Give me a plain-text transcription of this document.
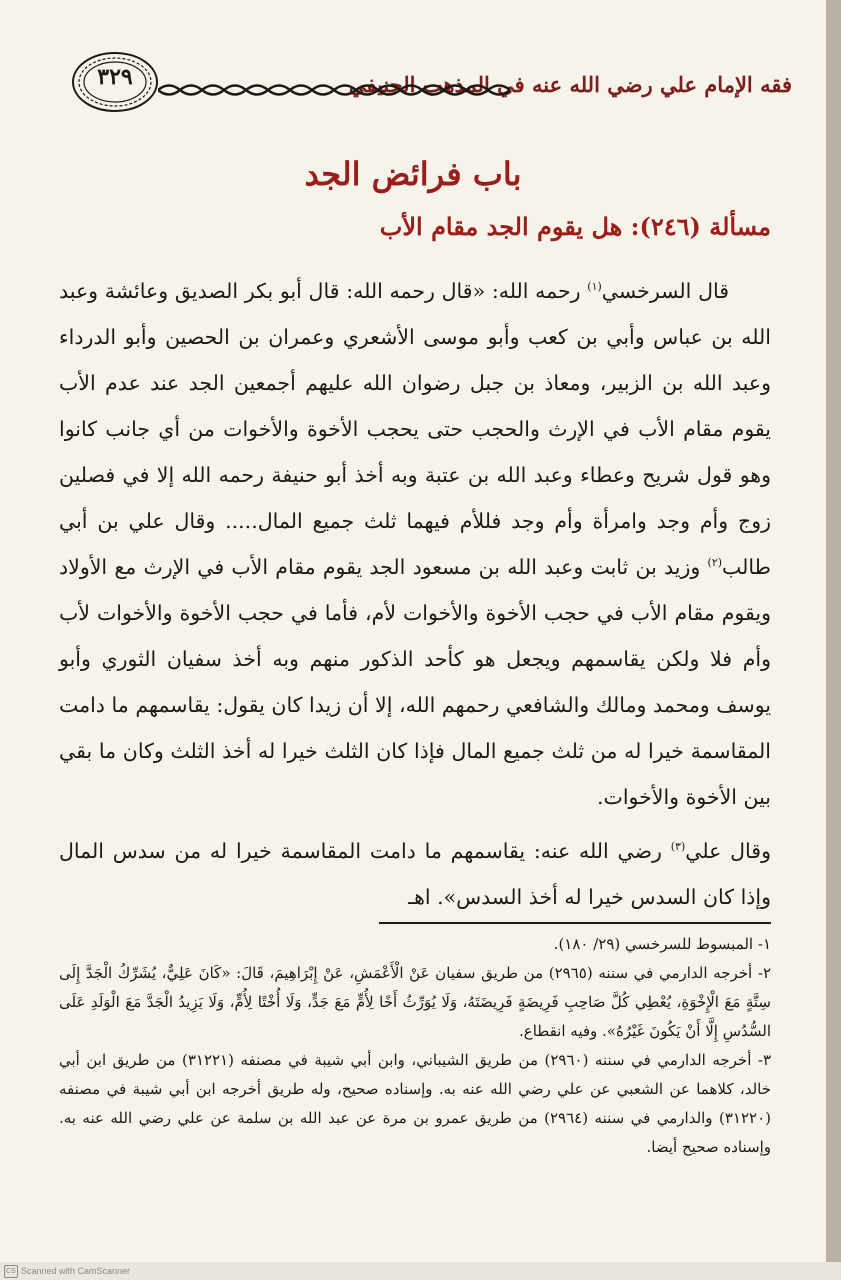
فقه الإمام علي رضي الله عنه في المذهب الحنيفي
٣٢٩
باب فرائض الجد
مسألة (٢٤٦): هل يقوم الجد مقام الأب

قال السرخسي$^{(١)}$ رحمه الله: «قال رحمه الله: قال أبو بكر الصديق وعائشة وعبد الله بن عباس وأبي بن كعب وأبو موسى الأشعري وعمران بن الحصين وأبو الدرداء وعبد الله بن الزبير، ومعاذ بن جبل رضوان الله عليهم أجمعين الجد عند عدم الأب يقوم مقام الأب في الإرث والحجب حتى يحجب الأخوة والأخوات من أي جانب كانوا وهو قول شريح وعطاء وعبد الله بن عتبة وبه أخذ أبو حنيفة رحمه الله إلا في فصلين زوج وأم وجد وامرأة وأم وجد فللأم فيهما ثلث جميع المال..... وقال علي بن أبي طالب$^{(٢)}$ وزيد بن ثابت وعبد الله بن مسعود الجد يقوم مقام الأب في الإرث مع الأولاد ويقوم مقام الأب في حجب الأخوة والأخوات لأم، فأما في حجب الأخوة والأخوات لأب وأم فلا ولكن يقاسمهم ويجعل هو كأحد الذكور منهم وبه أخذ سفيان الثوري وأبو يوسف ومحمد ومالك والشافعي رحمهم الله، إلا أن زيدا كان يقول: يقاسمهم ما دامت المقاسمة خيرا له من ثلث جميع المال فإذا كان الثلث خيرا له أخذ الثلث وكان ما بقي بين الأخوة والأخوات.

وقال علي$^{(٣)}$ رضي الله عنه: يقاسمهم ما دامت المقاسمة خيرا له من سدس المال وإذا كان السدس خيرا له أخذ السدس». اهـ

١- المبسوط للسرخسي (٢٩/ ١٨٠).

٢- أخرجه الدارمي في سننه (٢٩٦٥) من طريق سفيان عَنْ الْأَعْمَشِ، عَنْ إِبْرَاهِيمَ، قَالَ: «كَانَ عَلِيٌّ، يُشَرِّكُ الْجَدَّ إِلَى سِتَّةٍ مَعَ الْإِخْوَةِ، يُعْطِي كُلَّ صَاحِبِ فَرِيضَةٍ فَرِيضَتَهُ، وَلَا يُوَرِّثُ أَخًا لِأُمٍّ مَعَ جَدٍّ، وَلَا أُخْتًا لِأُمٍّ، وَلَا يَزِيدُ الْجَدَّ مَعَ الْوَلَدِ عَلَى السُّدُسِ إِلَّا أَنْ يَكُونَ غَيْرُهُ». وفيه انقطاع.

٣- أخرجه الدارمي في سننه (٢٩٦٠) من طريق الشيباني، وابن أبي شيبة في مصنفه (٣١٢٢١) من طريق ابن أبي خالد، كلاهما عن الشعبي عن علي رضي الله عنه به. وإسناده صحيح، وله طريق أخرجه ابن أبي شيبة في مصنفه (٣١٢٢٠) والدارمي في سننه (٢٩٦٤) من طريق عمرو بن مرة عن عبد الله بن سلمة عن علي رضي الله عنه به. وإسناده صحيح أيضا.

CS Scanned with CamScanner
